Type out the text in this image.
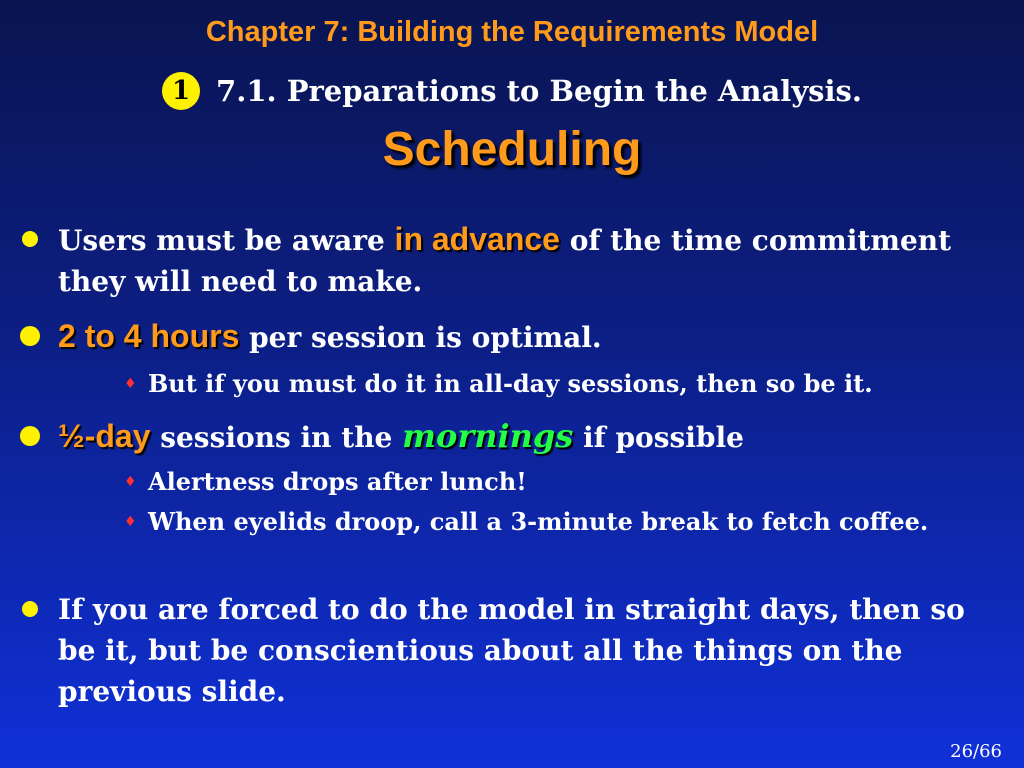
Chapter 7: Building the Requirements Model
1 7.1. Preparations to Begin the Analysis.
Scheduling

Users must be aware in advance of the time commitment they will need to make.

2 to 4 hours per session is optimal.

♦ But if you must do it in all-day sessions, then so be it.

½-day sessions in the mornings if possible

♦ Alertness drops after lunch!

♦ When eyelids droop, call a 3-minute break to fetch coffee.

If you are forced to do the model in straight days, then so be it, but be conscientious about all the things on the previous slide.

26/66
